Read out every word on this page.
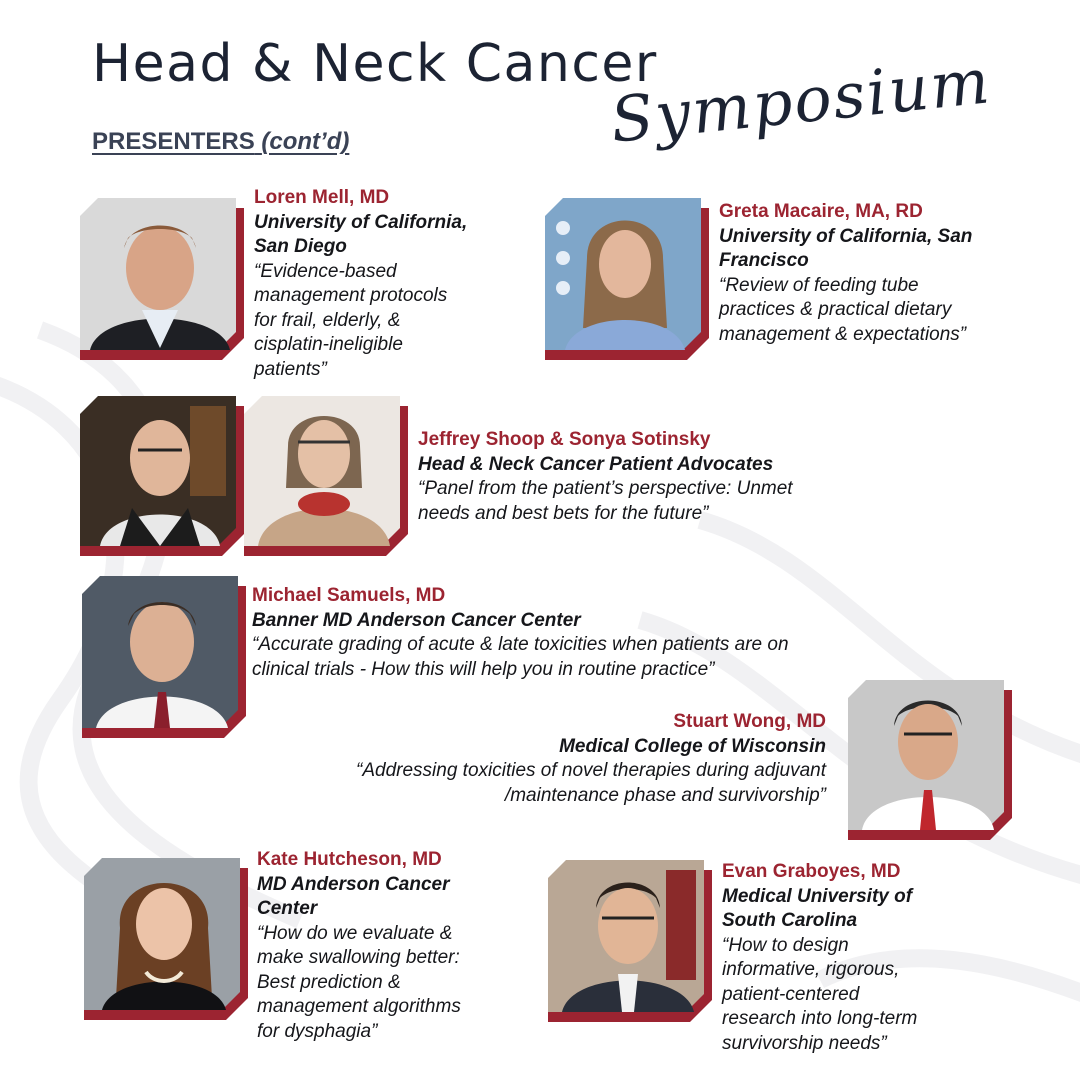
Head & Neck Cancer
Symposium
PRESENTERS (cont’d)
Loren Mell, MD
University of California,
San Diego
“Evidence-based
management protocols
for frail, elderly, &
cisplatin-ineligible
patients”
Greta Macaire, MA, RD
University of California, San
Francisco
“Review of feeding tube
practices & practical dietary
management & expectations”
Jeffrey Shoop & Sonya Sotinsky
Head & Neck Cancer Patient Advocates
“Panel from the patient’s perspective: Unmet
needs and best bets for the future”
Michael Samuels, MD
Banner MD Anderson Cancer Center
“Accurate grading of acute & late toxicities when patients are on
clinical trials - How this will help you in routine practice”
Stuart Wong, MD
Medical College of Wisconsin
“Addressing toxicities of novel therapies during adjuvant
/maintenance phase and survivorship”
Kate Hutcheson, MD
MD Anderson Cancer
Center
“How do we evaluate &
make swallowing better:
Best prediction &
management algorithms
for dysphagia”
Evan Graboyes, MD
Medical University of
South Carolina
“How to design
informative, rigorous,
patient-centered
research into long-term
survivorship needs”
